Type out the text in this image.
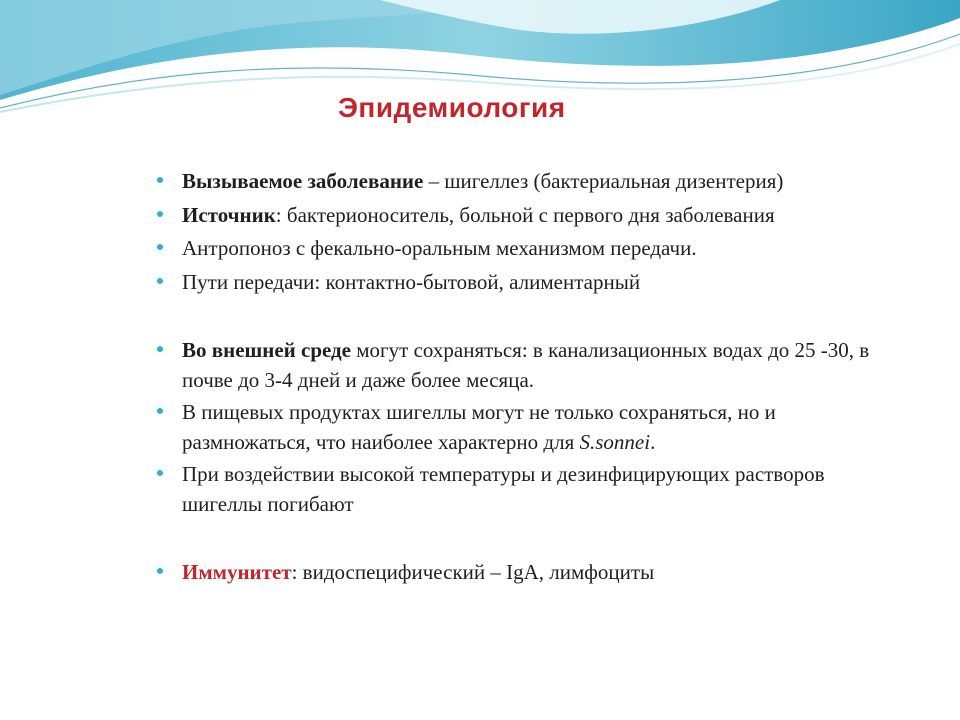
Эпидемиология
Вызываемое заболевание – шигеллез (бактериальная дизентерия)
Источник: бактерионоситель, больной с первого дня заболевания
Антропоноз с фекально-оральным механизмом передачи.
Пути передачи: контактно-бытовой, алиментарный
Во внешней среде могут сохраняться: в канализационных водах до 25 -30, в почве до 3-4 дней и даже более месяца.
В пищевых продуктах шигеллы могут не только сохраняться, но и размножаться, что наиболее характерно для S.sonnei.
При воздействии высокой температуры и дезинфицирующих растворов шигеллы погибают
Иммунитет: видоспецифический – IgA, лимфоциты
